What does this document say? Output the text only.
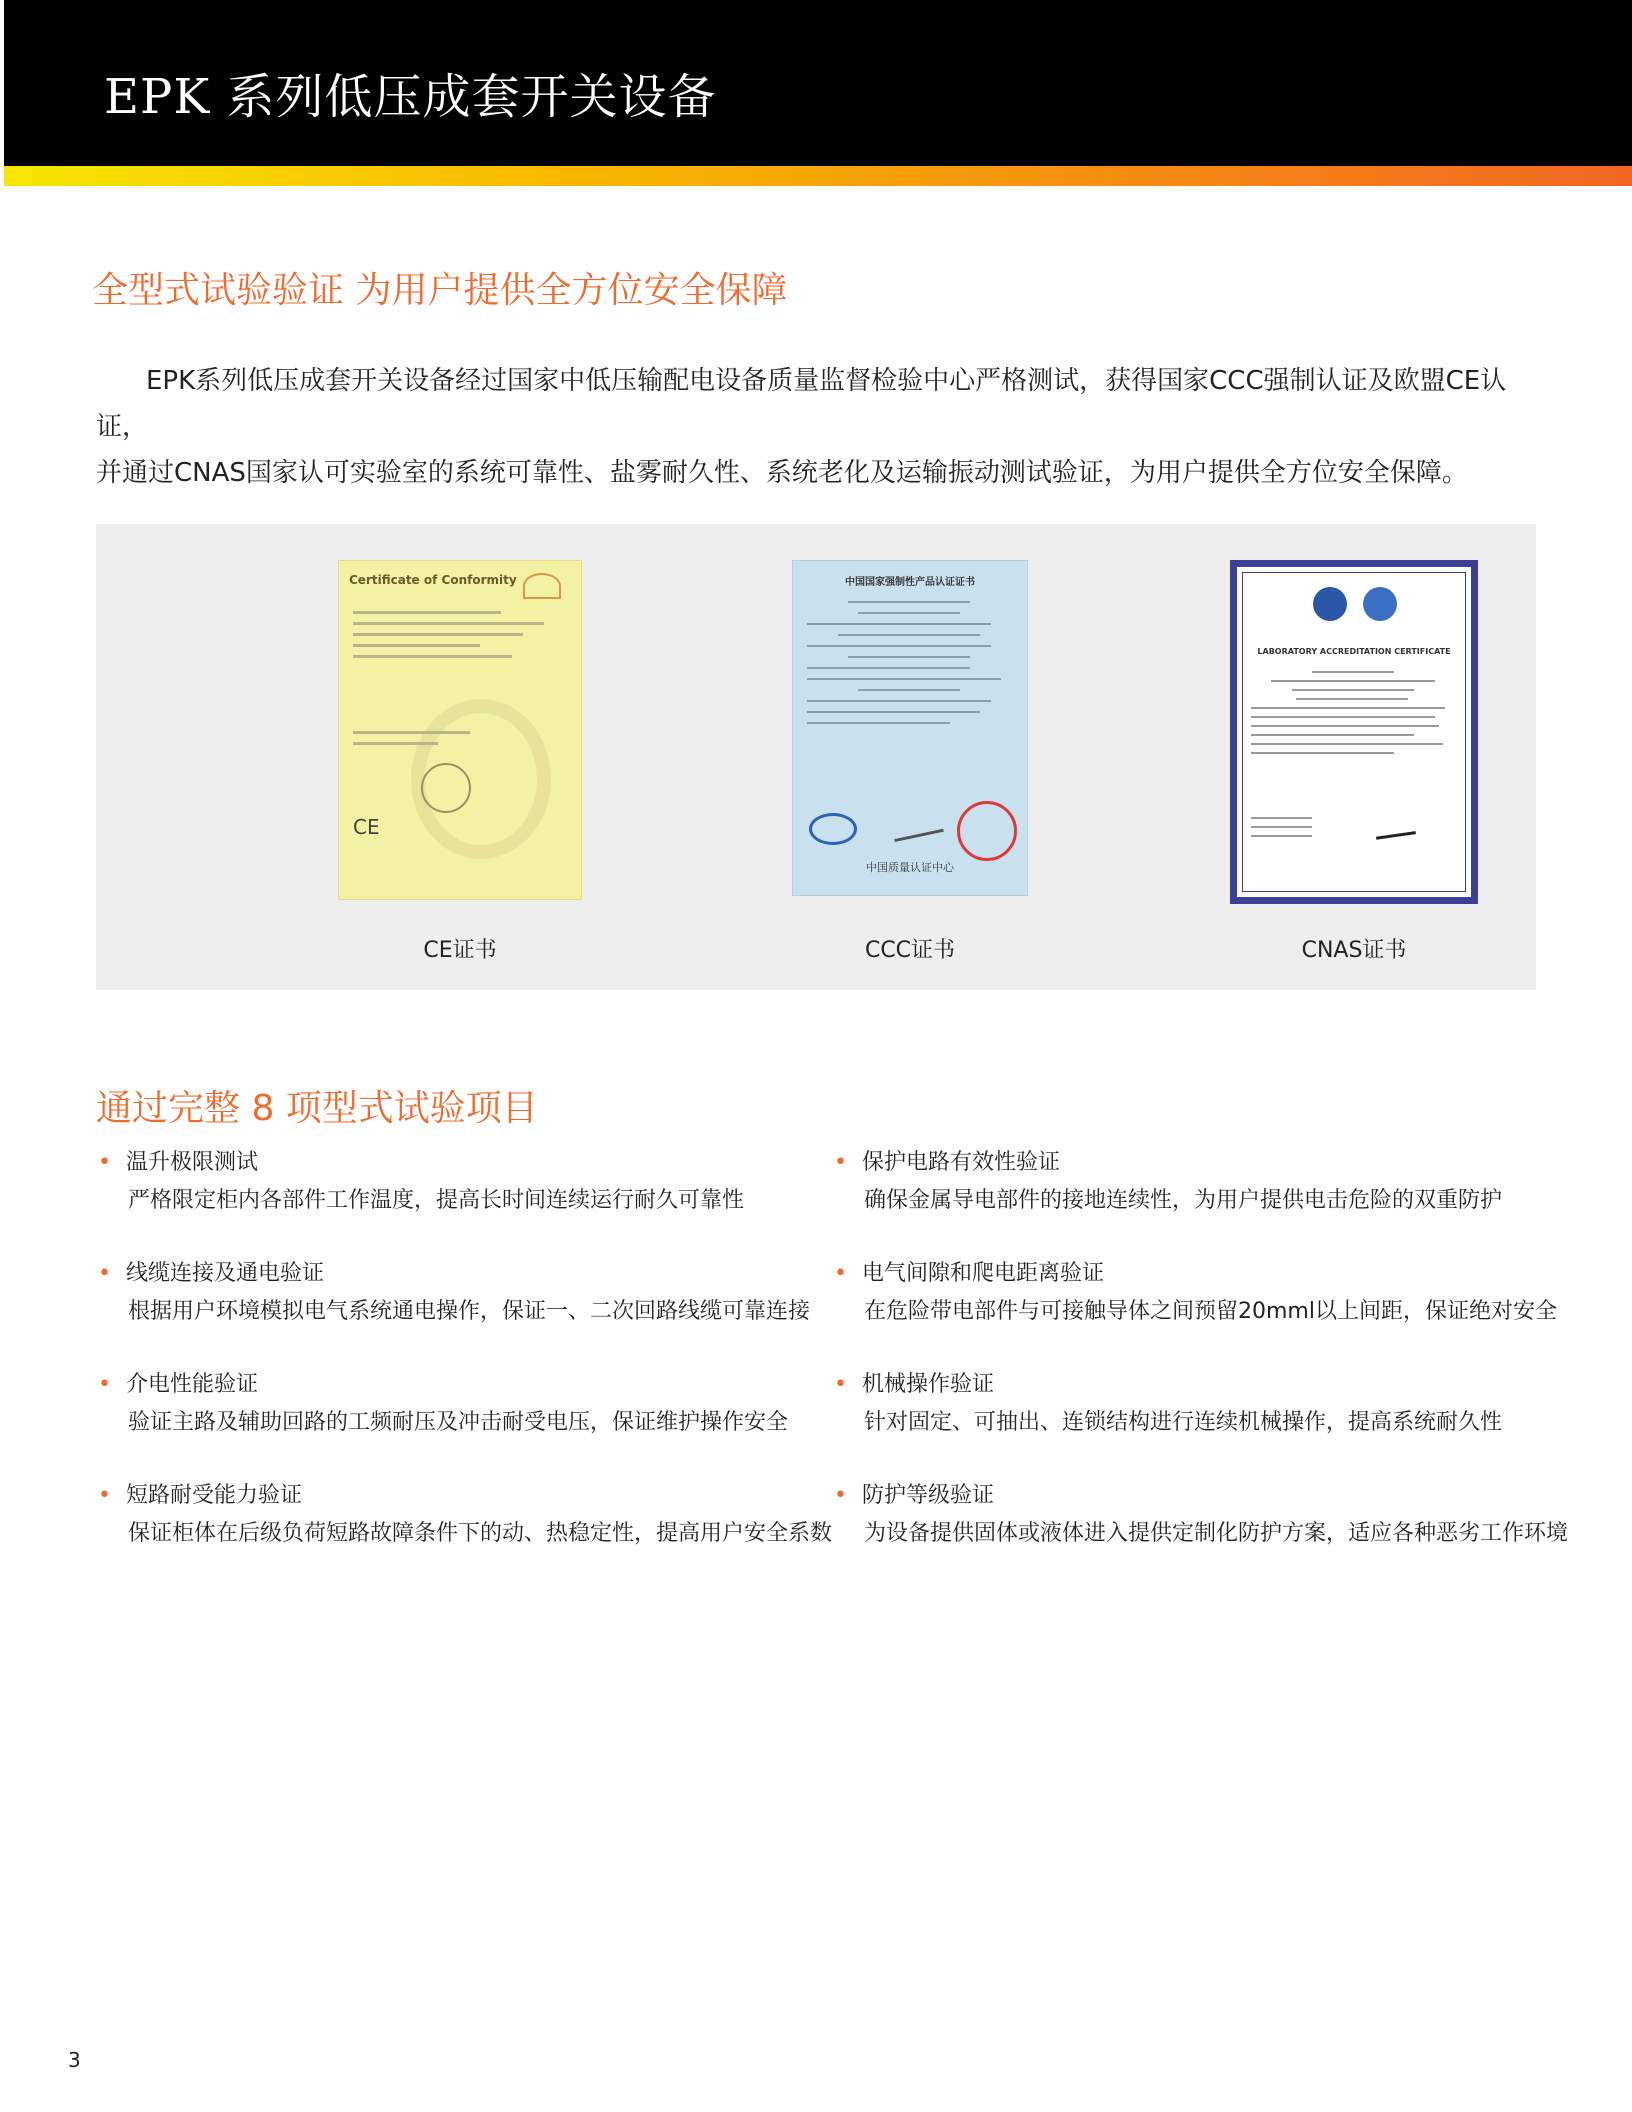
EPK 系列低压成套开关设备
全型式试验验证 为用户提供全方位安全保障

EPK系列低压成套开关设备经过国家中低压输配电设备质量监督检验中心严格测试，获得国家CCC强制认证及欧盟CE认证，

并通过CNAS国家认可实验室的系统可靠性、盐雾耐久性、系统老化及运输振动测试验证，为用户提供全方位安全保障。

Certificate of Conformity
CE
CE证书
中国国家强制性产品认证证书
中国质量认证中心
CCC证书
LABORATORY ACCREDITATION CERTIFICATE
CNAS证书
通过完整 8 项型式试验项目
• 温升极限测试
严格限定柜内各部件工作温度，提高长时间连续运行耐久可靠性
• 保护电路有效性验证
确保金属导电部件的接地连续性，为用户提供电击危险的双重防护
• 线缆连接及通电验证
根据用户环境模拟电气系统通电操作，保证一、二次回路线缆可靠连接
• 电气间隙和爬电距离验证
在危险带电部件与可接触导体之间预留20mml以上间距，保证绝对安全
• 介电性能验证
验证主路及辅助回路的工频耐压及冲击耐受电压，保证维护操作安全
• 机械操作验证
针对固定、可抽出、连锁结构进行连续机械操作，提高系统耐久性
• 短路耐受能力验证
保证柜体在后级负荷短路故障条件下的动、热稳定性，提高用户安全系数
• 防护等级验证
为设备提供固体或液体进入提供定制化防护方案，适应各种恶劣工作环境
3
